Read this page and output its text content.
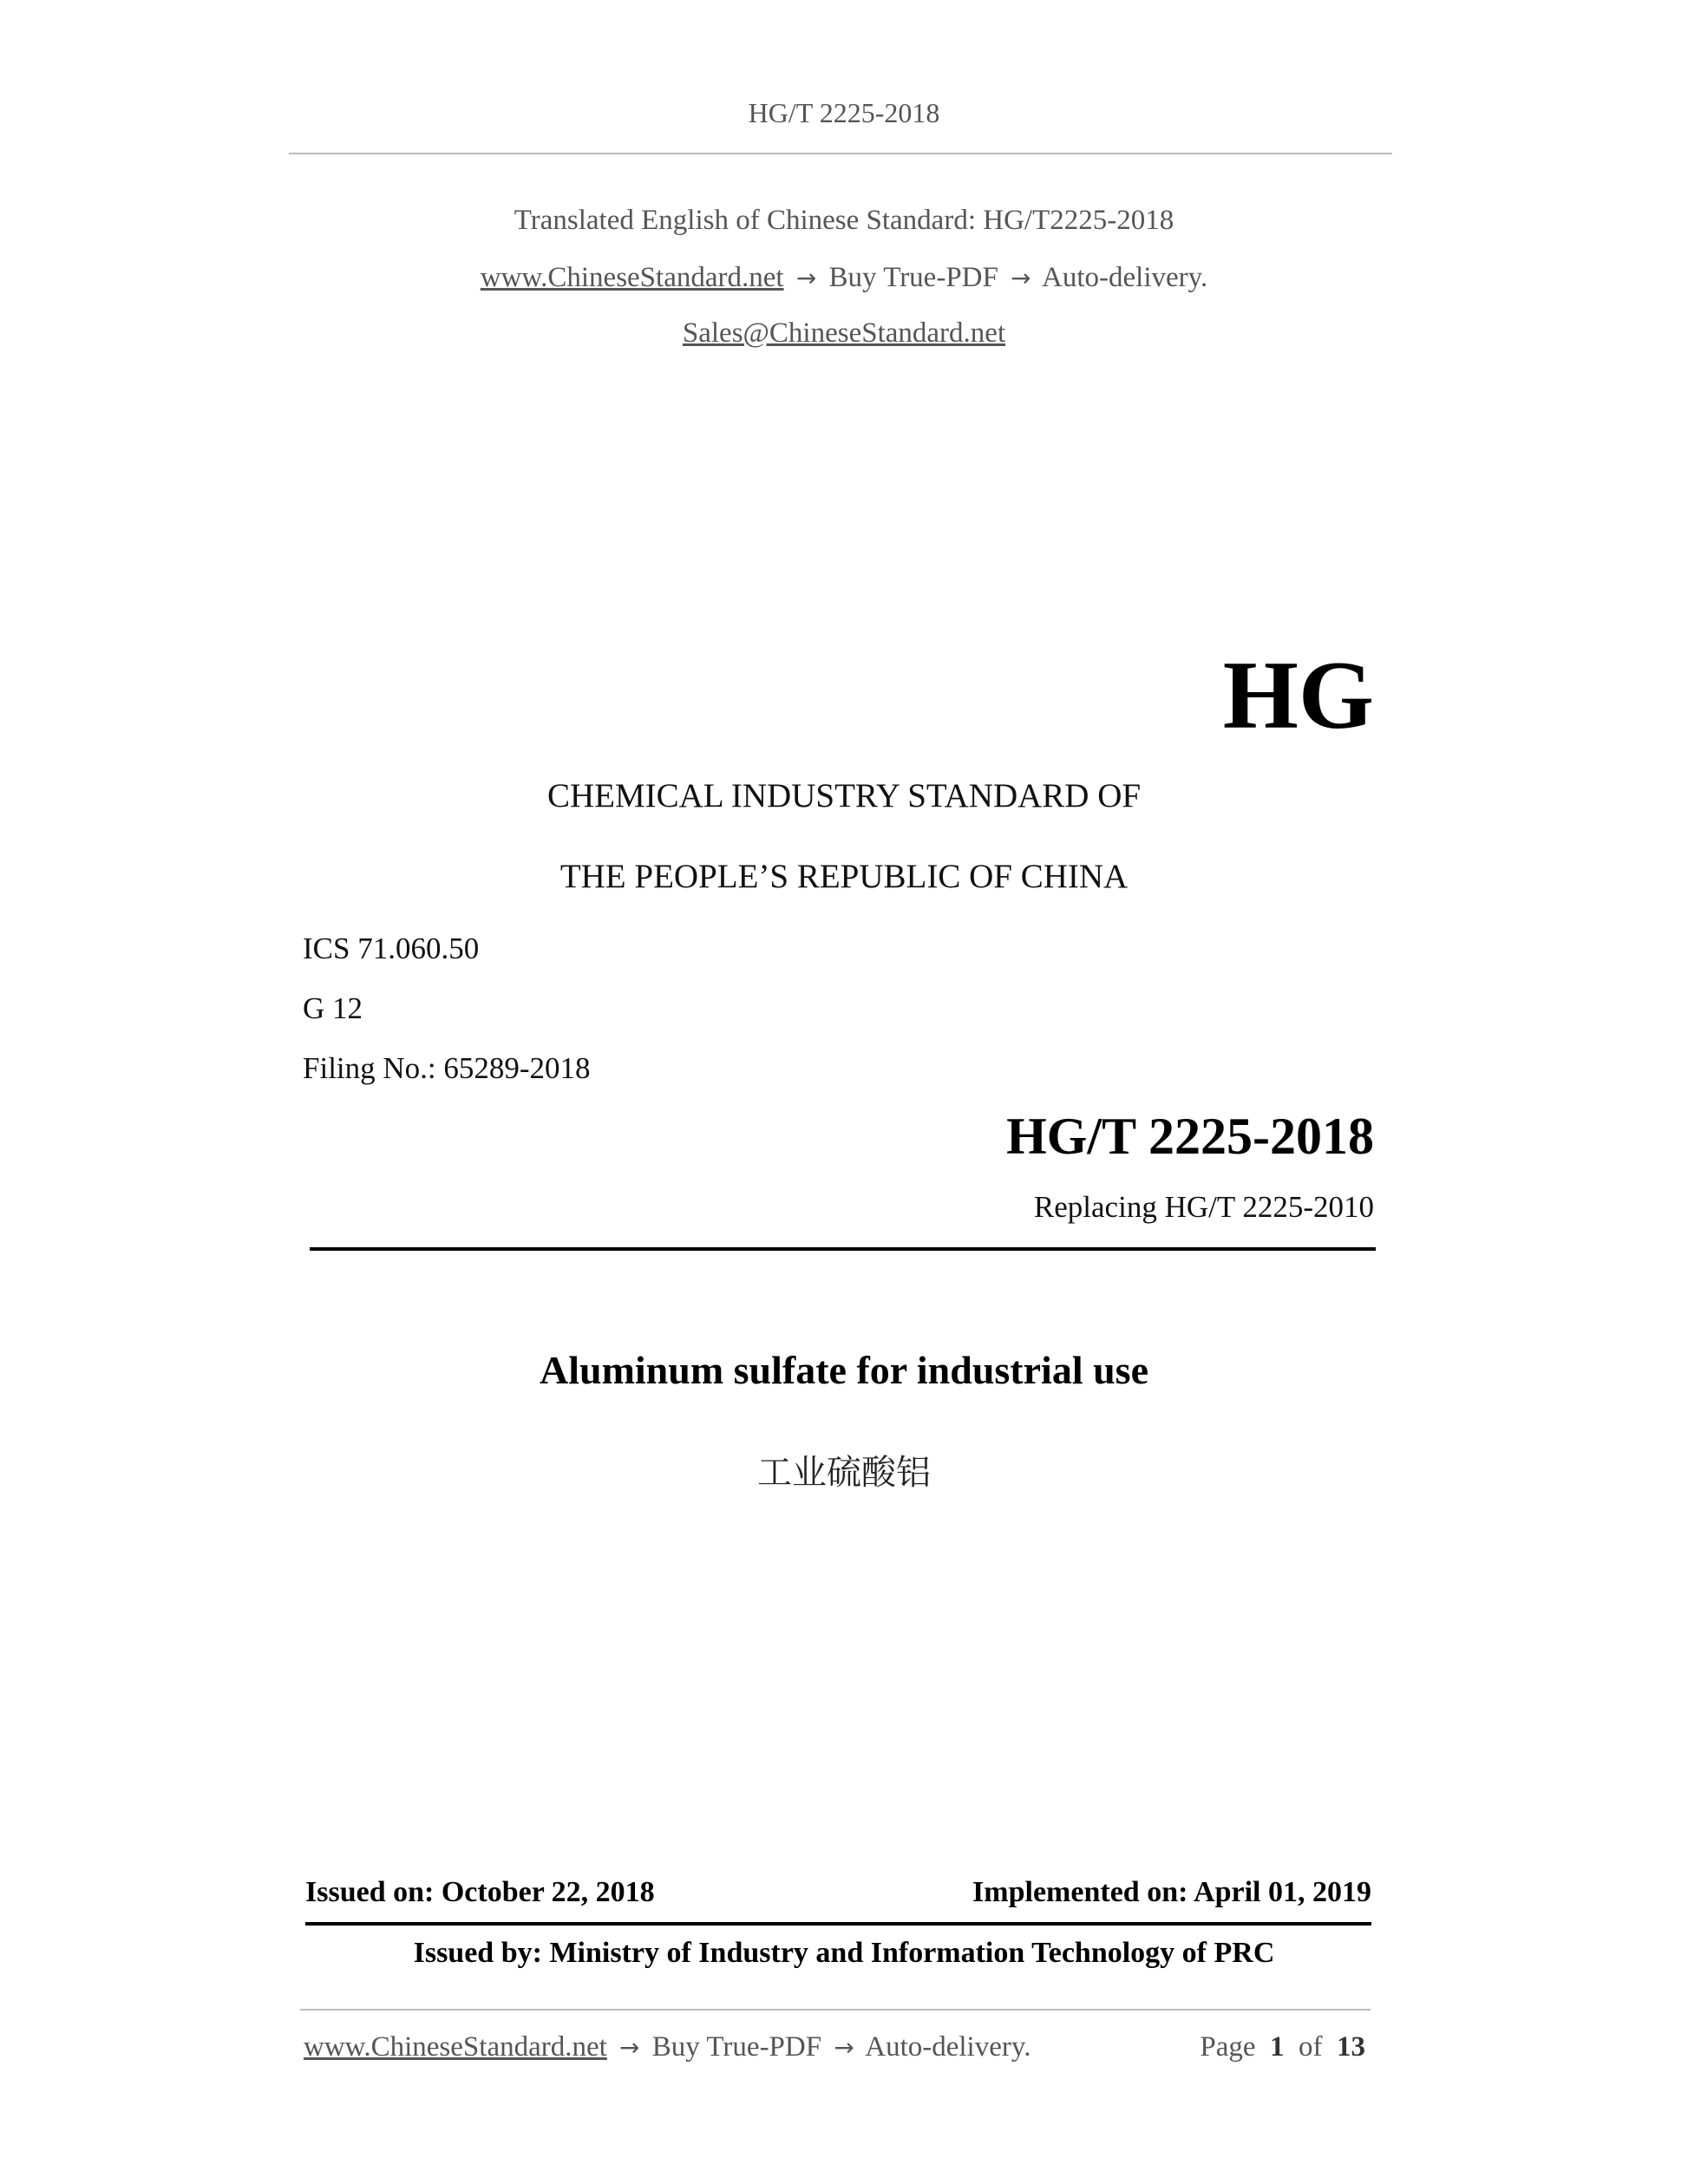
HG/T 2225-2018
Translated English of Chinese Standard: HG/T2225-2018
www.ChineseStandard.net → Buy True-PDF → Auto-delivery.
Sales@ChineseStandard.net
HG
CHEMICAL INDUSTRY STANDARD OF
THE PEOPLE’S REPUBLIC OF CHINA
ICS 71.060.50
G 12
Filing No.: 65289-2018
HG/T 2225-2018
Replacing HG/T 2225-2010
Aluminum sulfate for industrial use
工业硫酸铝
Issued on: October 22, 2018	Implemented on: April 01, 2019
Issued by: Ministry of Industry and Information Technology of PRC
www.ChineseStandard.net → Buy True-PDF → Auto-delivery.	Page 1 of 13
